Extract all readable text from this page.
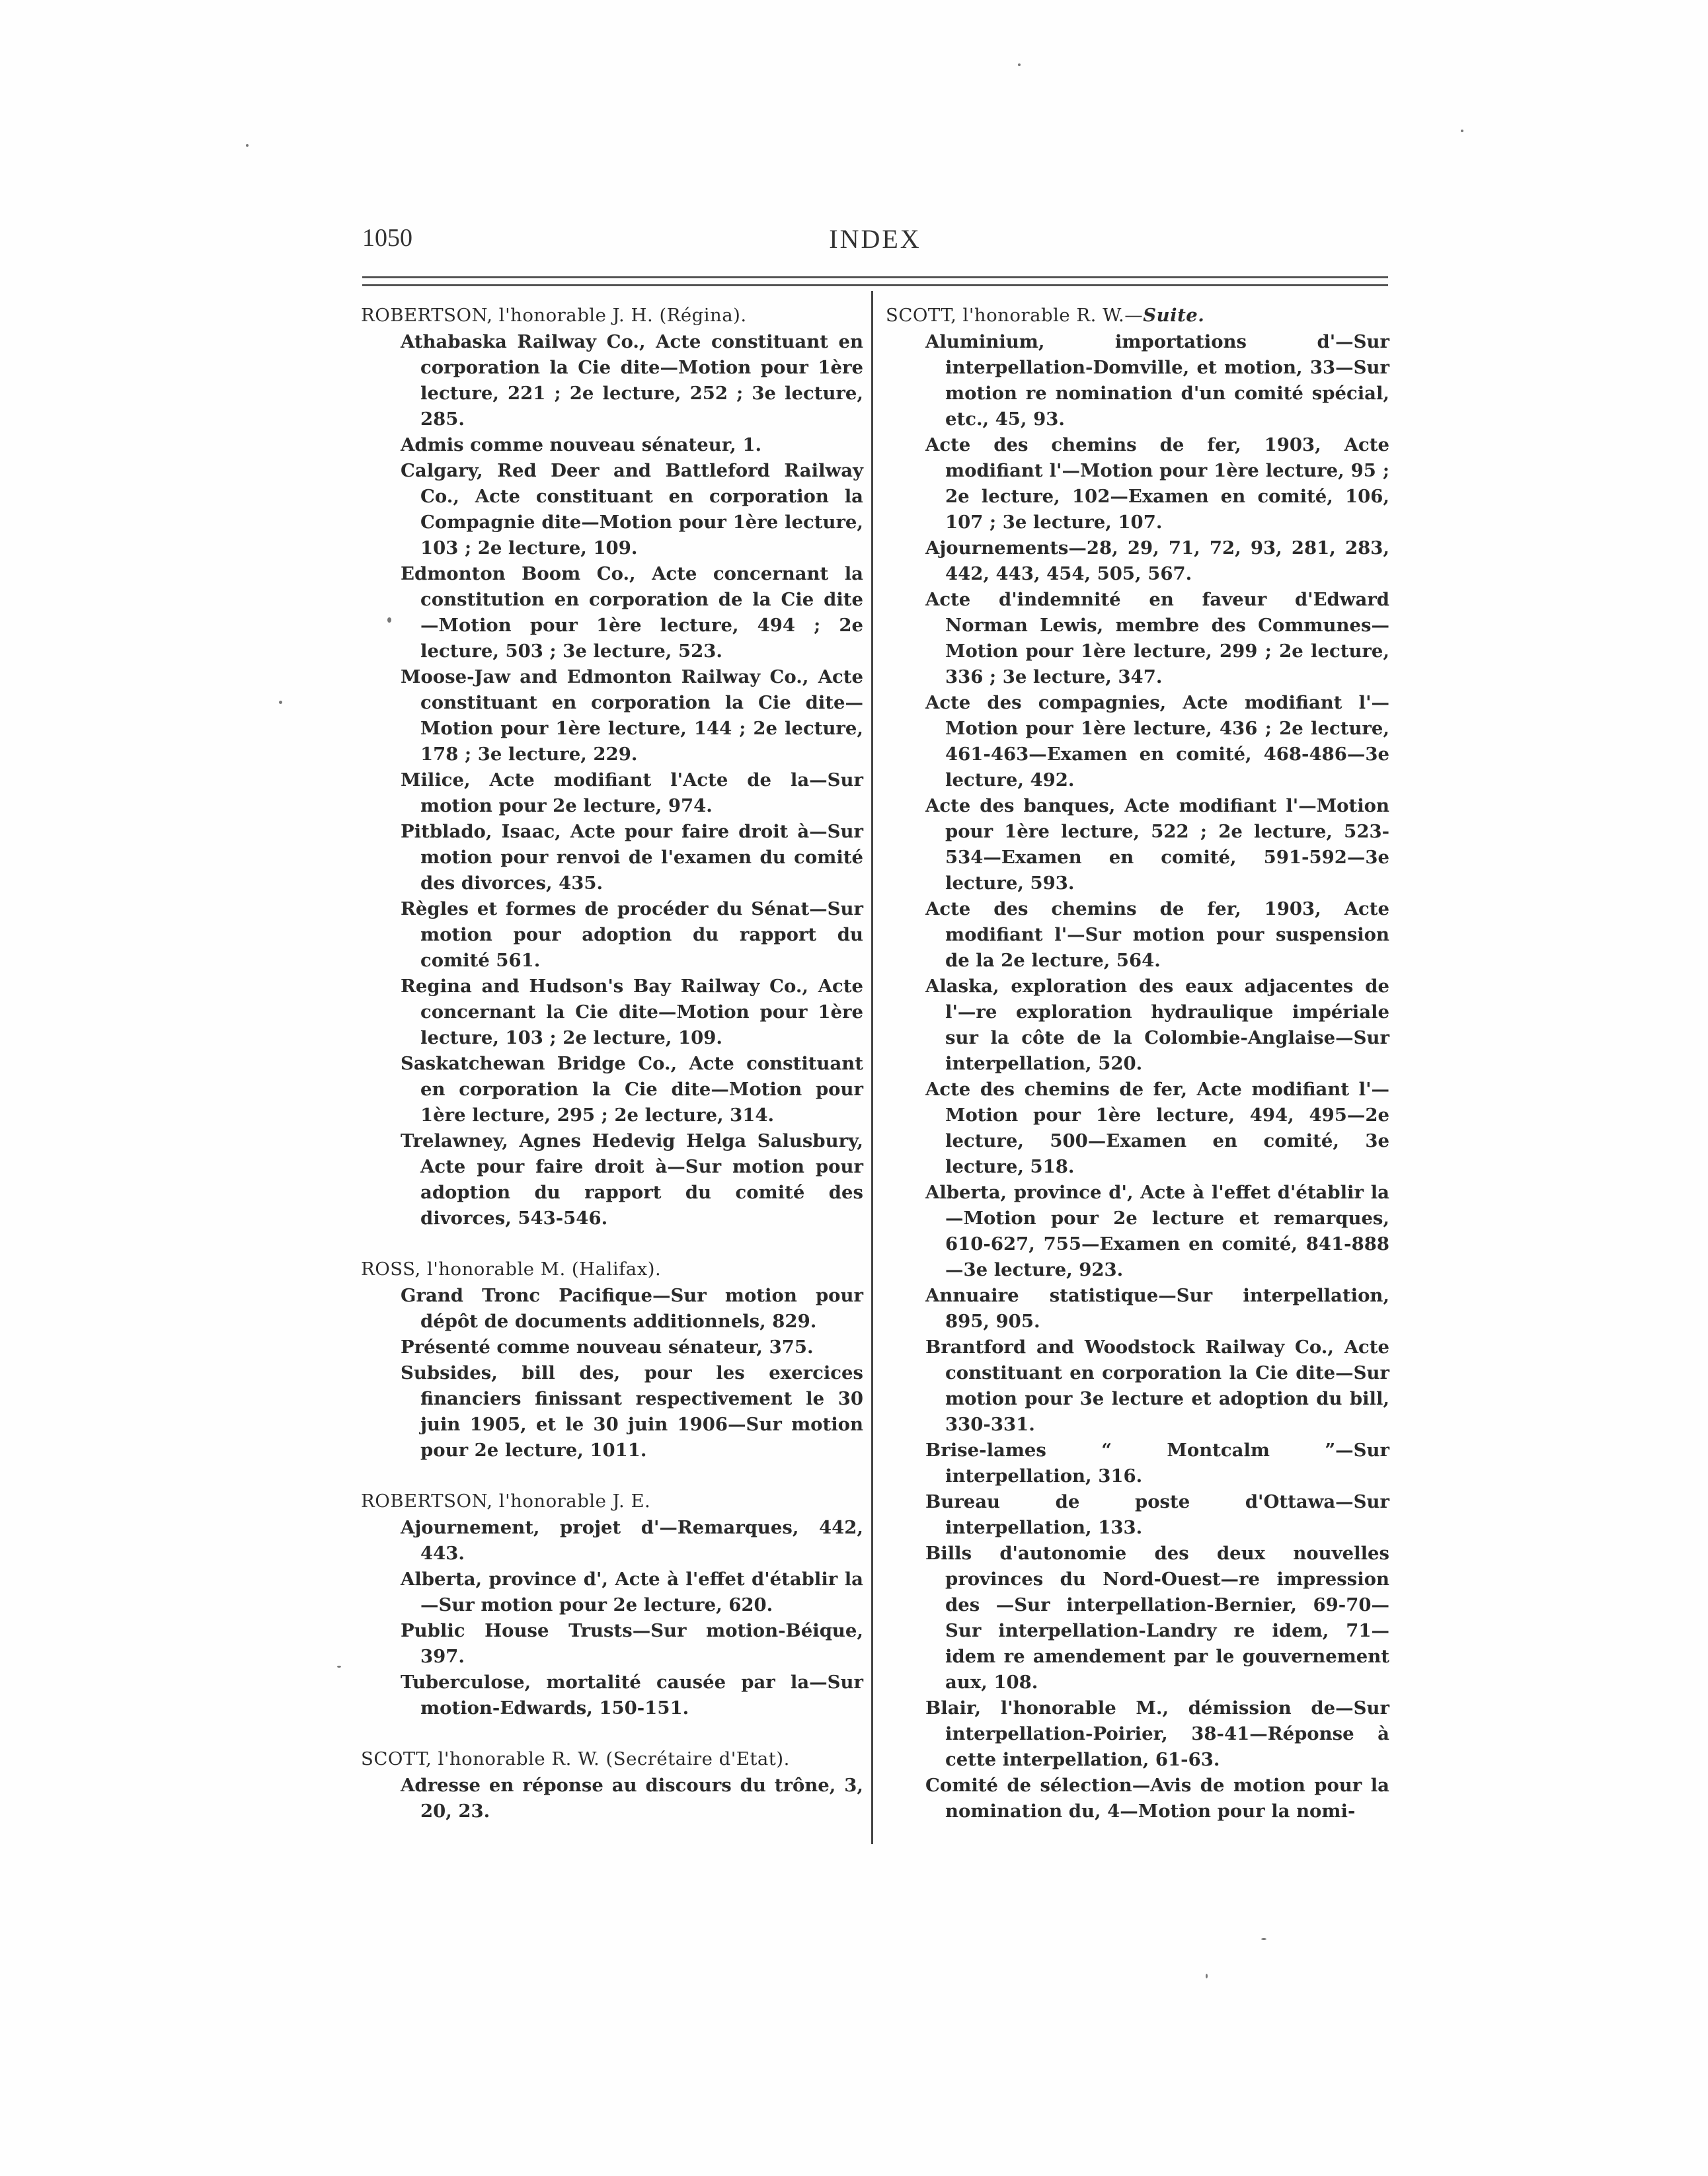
1050	INDEX

ROBERTSON, l'honorable J. H. (Régina).

Athabaska Railway Co., Acte constituant en corporation la Cie dite—Motion pour 1ère lecture, 221 ; 2e lecture, 252 ; 3e lecture, 285.

Admis comme nouveau sénateur, 1.

Calgary, Red Deer and Battleford Railway Co., Acte constituant en corporation la Compagnie dite—Motion pour 1ère lecture, 103 ; 2e lecture, 109.

Edmonton Boom Co., Acte concernant la constitution en corporation de la Cie dite —Motion pour 1ère lecture, 494 ; 2e lecture, 503 ; 3e lecture, 523.

Moose-Jaw and Edmonton Railway Co., Acte constituant en corporation la Cie dite—Motion pour 1ère lecture, 144 ; 2e lecture, 178 ; 3e lecture, 229.

Milice, Acte modifiant l'Acte de la—Sur motion pour 2e lecture, 974.

Pitblado, Isaac, Acte pour faire droit à—Sur motion pour renvoi de l'examen du comité des divorces, 435.

Règles et formes de procéder du Sénat—Sur motion pour adoption du rapport du comité 561.

Regina and Hudson's Bay Railway Co., Acte concernant la Cie dite—Motion pour 1ère lecture, 103 ; 2e lecture, 109.

Saskatchewan Bridge Co., Acte constituant en corporation la Cie dite—Motion pour 1ère lecture, 295 ; 2e lecture, 314.

Trelawney, Agnes Hedevig Helga Salusbury, Acte pour faire droit à—Sur motion pour adoption du rapport du comité des divorces, 543-546.

ROSS, l'honorable M. (Halifax).

Grand Tronc Pacifique—Sur motion pour dépôt de documents additionnels, 829.

Présenté comme nouveau sénateur, 375.

Subsides, bill des, pour les exercices financiers finissant respectivement le 30 juin 1905, et le 30 juin 1906—Sur motion pour 2e lecture, 1011.

ROBERTSON, l'honorable J. E.

Ajournement, projet d'—Remarques, 442, 443.

Alberta, province d', Acte à l'effet d'établir la—Sur motion pour 2e lecture, 620.

Public House Trusts—Sur motion-Béique, 397.

Tuberculose, mortalité causée par la—Sur motion-Edwards, 150-151.

SCOTT, l'honorable R. W. (Secrétaire d'Etat).

Adresse en réponse au discours du trône, 3, 20, 23.

SCOTT, l'honorable R. W.—Suite.

Aluminium, importations d'—Sur interpellation-Domville, et motion, 33—Sur motion re nomination d'un comité spécial, etc., 45, 93.

Acte des chemins de fer, 1903, Acte modifiant l'—Motion pour 1ère lecture, 95 ; 2e lecture, 102—Examen en comité, 106, 107 ; 3e lecture, 107.

Ajournements—28, 29, 71, 72, 93, 281, 283, 442, 443, 454, 505, 567.

Acte d'indemnité en faveur d'Edward Norman Lewis, membre des Communes—Motion pour 1ère lecture, 299 ; 2e lecture, 336 ; 3e lecture, 347.

Acte des compagnies, Acte modifiant l'—Motion pour 1ère lecture, 436 ; 2e lecture, 461-463—Examen en comité, 468-486—3e lecture, 492.

Acte des banques, Acte modifiant l'—Motion pour 1ère lecture, 522 ; 2e lecture, 523-534—Examen en comité, 591-592—3e lecture, 593.

Acte des chemins de fer, 1903, Acte modifiant l'—Sur motion pour suspension de la 2e lecture, 564.

Alaska, exploration des eaux adjacentes de l'—re exploration hydraulique impériale sur la côte de la Colombie-Anglaise—Sur interpellation, 520.

Acte des chemins de fer, Acte modifiant l'—Motion pour 1ère lecture, 494, 495—2e lecture, 500—Examen en comité, 3e lecture, 518.

Alberta, province d', Acte à l'effet d'établir la—Motion pour 2e lecture et remarques, 610-627, 755—Examen en comité, 841-888—3e lecture, 923.

Annuaire statistique—Sur interpellation, 895, 905.

Brantford and Woodstock Railway Co., Acte constituant en corporation la Cie dite—Sur motion pour 3e lecture et adoption du bill, 330-331.

Brise-lames “ Montcalm ”—Sur interpellation, 316.

Bureau de poste d'Ottawa—Sur interpellation, 133.

Bills d'autonomie des deux nouvelles provinces du Nord-Ouest—re impression des —Sur interpellation-Bernier, 69-70—Sur interpellation-Landry re idem, 71—idem re amendement par le gouvernement aux, 108.

Blair, l'honorable M., démission de—Sur interpellation-Poirier, 38-41—Réponse à cette interpellation, 61-63.

Comité de sélection—Avis de motion pour la nomination du, 4—Motion pour la nomi-
